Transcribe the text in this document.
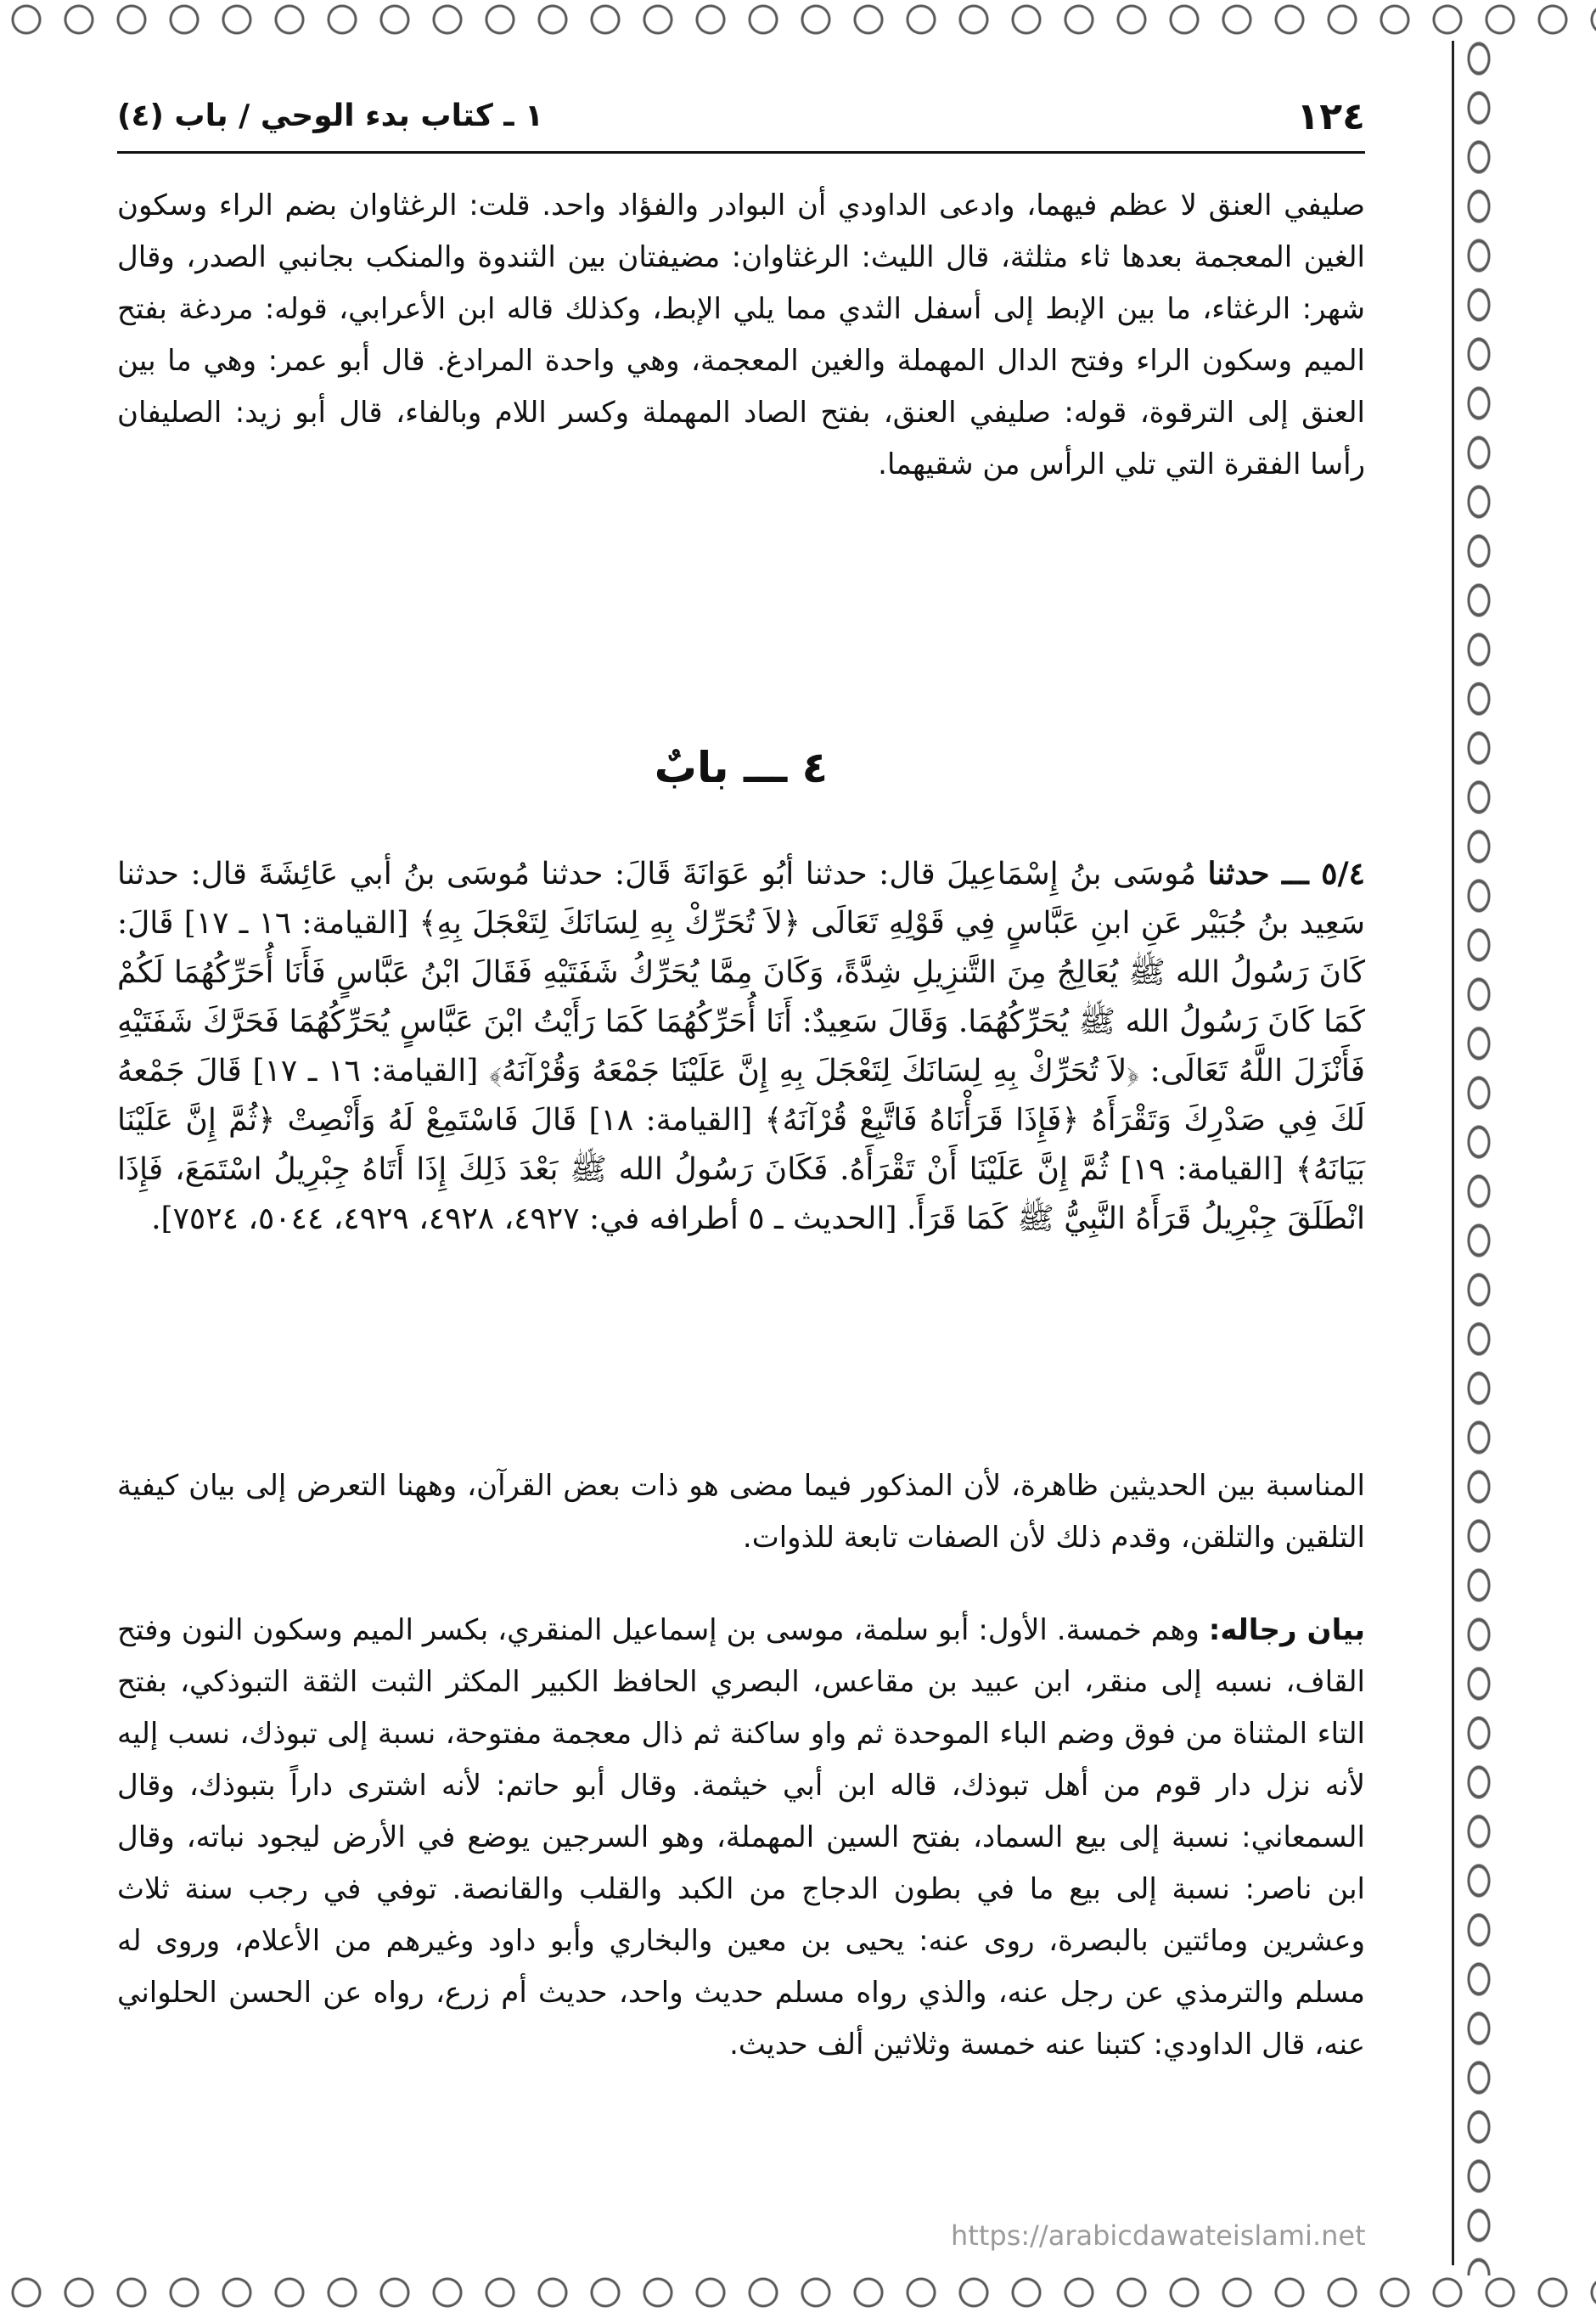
١٢٤
١ ـ كتاب بدء الوحي / باب (٤)
صليفي العنق لا عظم فيهما، وادعى الداودي أن البوادر والفؤاد واحد. قلت: الرغثاوان بضم الراء وسكون الغين المعجمة بعدها ثاء مثلثة، قال الليث: الرغثاوان: مضيفتان بين الثندوة والمنكب بجانبي الصدر، وقال شهر: الرغثاء، ما بين الإبط إلى أسفل الثدي مما يلي الإبط، وكذلك قاله ابن الأعرابي، قوله: مردغة بفتح الميم وسكون الراء وفتح الدال المهملة والغين المعجمة، وهي واحدة المرادغ. قال أبو عمر: وهي ما بين العنق إلى الترقوة، قوله: صليفي العنق، بفتح الصاد المهملة وكسر اللام وبالفاء، قال أبو زيد: الصليفان رأسا الفقرة التي تلي الرأس من شقيهما.
٤ ـــ بابٌ
٥/٤ ـــ حدثنا مُوسَى بنُ إِسْمَاعِيلَ قال: حدثنا أبُو عَوَانَةَ قَالَ: حدثنا مُوسَى بنُ أبي عَائِشَةَ قال: حدثنا سَعِيد بنُ جُبَيْر عَنِ ابنِ عَبَّاسٍ فِي قَوْلِهِ تَعَالَى ﴿لاَ تُحَرِّكْ بِهِ لِسَانَكَ لِتَعْجَلَ بِهِ﴾ [القيامة: ١٦ ـ ١٧] قَالَ: كَانَ رَسُولُ الله ﷺ يُعَالِجُ مِنَ التَّنزِيلِ شِدَّةً، وَكَانَ مِمَّا يُحَرِّكُ شَفَتَيْهِ فَقَالَ ابْنُ عَبَّاسٍ فَأَنَا أُحَرِّكُهُمَا لَكُمْ كَمَا كَانَ رَسُولُ الله ﷺ يُحَرِّكُهُمَا. وَقَالَ سَعِيدٌ: أَنَا أُحَرِّكُهُمَا كَمَا رَأَيْتُ ابْنَ عَبَّاسٍ يُحَرِّكُهُمَا فَحَرَّكَ شَفَتَيْهِ فَأَنْزَلَ اللَّهُ تَعَالَى: ﴿لاَ تُحَرِّكْ بِهِ لِسَانَكَ لِتَعْجَلَ بِهِ إِنَّ عَلَيْنَا جَمْعَهُ وَقُرْآنَهُ﴾ [القيامة: ١٦ ـ ١٧] قَالَ جَمْعهُ لَكَ فِي صَدْرِكَ وَتَقْرَأَهُ ﴿فَإِذَا قَرَأْنَاهُ فَاتَّبِعْ قُرْآنَهُ﴾ [القيامة: ١٨] قَالَ فَاسْتَمِعْ لَهُ وَأَنْصِتْ ﴿ثُمَّ إِنَّ عَلَيْنَا بَيَانَهُ﴾ [القيامة: ١٩] ثُمَّ إِنَّ عَلَيْنَا أَنْ تَقْرَأَهُ. فَكَانَ رَسُولُ الله ﷺ بَعْدَ ذَلِكَ إِذَا أَتَاهُ جِبْرِيلُ اسْتَمَعَ، فَإِذَا انْطَلَقَ جِبْرِيلُ قَرَأَهُ النَّبِيُّ ﷺ كَمَا قَرَأَ. [الحديث ـ ٥ أطرافه في: ٤٩٢٧، ٤٩٢٨، ٤٩٢٩، ٥٠٤٤، ٧٥٢٤].
المناسبة بين الحديثين ظاهرة، لأن المذكور فيما مضى هو ذات بعض القرآن، وههنا التعرض إلى بيان كيفية التلقين والتلقن، وقدم ذلك لأن الصفات تابعة للذوات.
بيان رجاله: وهم خمسة. الأول: أبو سلمة، موسى بن إسماعيل المنقري، بكسر الميم وسكون النون وفتح القاف، نسبه إلى منقر، ابن عبيد بن مقاعس، البصري الحافظ الكبير المكثر الثبت الثقة التبوذكي، بفتح التاء المثناة من فوق وضم الباء الموحدة ثم واو ساكنة ثم ذال معجمة مفتوحة، نسبة إلى تبوذك، نسب إليه لأنه نزل دار قوم من أهل تبوذك، قاله ابن أبي خيثمة. وقال أبو حاتم: لأنه اشترى داراً بتبوذك، وقال السمعاني: نسبة إلى بيع السماد، بفتح السين المهملة، وهو السرجين يوضع في الأرض ليجود نباته، وقال ابن ناصر: نسبة إلى بيع ما في بطون الدجاج من الكبد والقلب والقانصة. توفي في رجب سنة ثلاث وعشرين ومائتين بالبصرة، روى عنه: يحيى بن معين والبخاري وأبو داود وغيرهم من الأعلام، وروى له مسلم والترمذي عن رجل عنه، والذي رواه مسلم حديث واحد، حديث أم زرع، رواه عن الحسن الحلواني عنه، قال الداودي: كتبنا عنه خمسة وثلاثين ألف حديث.
https://arabicdawateislami.net
